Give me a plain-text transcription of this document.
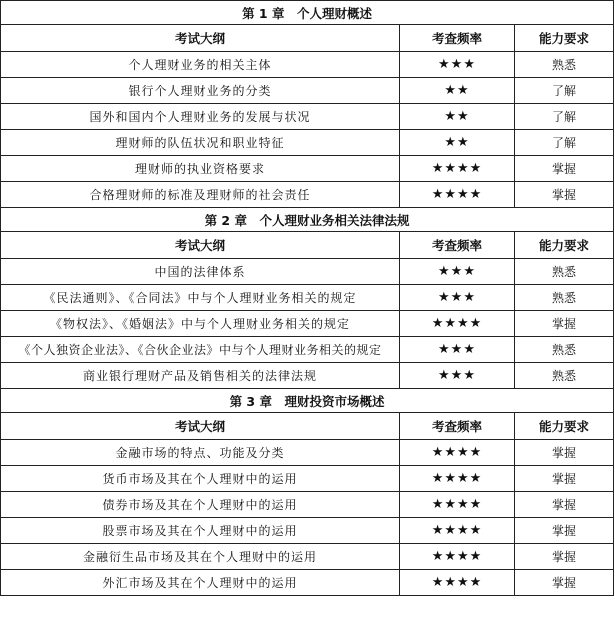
第 1 章　个人理财概述		
考试大纲	考查频率	能力要求
个人理财业务的相关主体	★★★	熟悉
银行个人理财业务的分类	★★	了解
国外和国内个人理财业务的发展与状况	★★	了解
理财师的队伍状况和职业特征	★★	了解
理财师的执业资格要求	★★★★	掌握
合格理财师的标准及理财师的社会责任	★★★★	掌握
第 2 章　个人理财业务相关法律法规		
考试大纲	考查频率	能力要求
中国的法律体系	★★★	熟悉
《民法通则》、《合同法》中与个人理财业务相关的规定	★★★	熟悉
《物权法》、《婚姻法》中与个人理财业务相关的规定	★★★★	掌握
《个人独资企业法》、《合伙企业法》中与个人理财业务相关的规定	★★★	熟悉
商业银行理财产品及销售相关的法律法规	★★★	熟悉
第 3 章　理财投资市场概述		
考试大纲	考查频率	能力要求
金融市场的特点、功能及分类	★★★★	掌握
货币市场及其在个人理财中的运用	★★★★	掌握
债券市场及其在个人理财中的运用	★★★★	掌握
股票市场及其在个人理财中的运用	★★★★	掌握
金融衍生品市场及其在个人理财中的运用	★★★★	掌握
外汇市场及其在个人理财中的运用	★★★★	掌握
